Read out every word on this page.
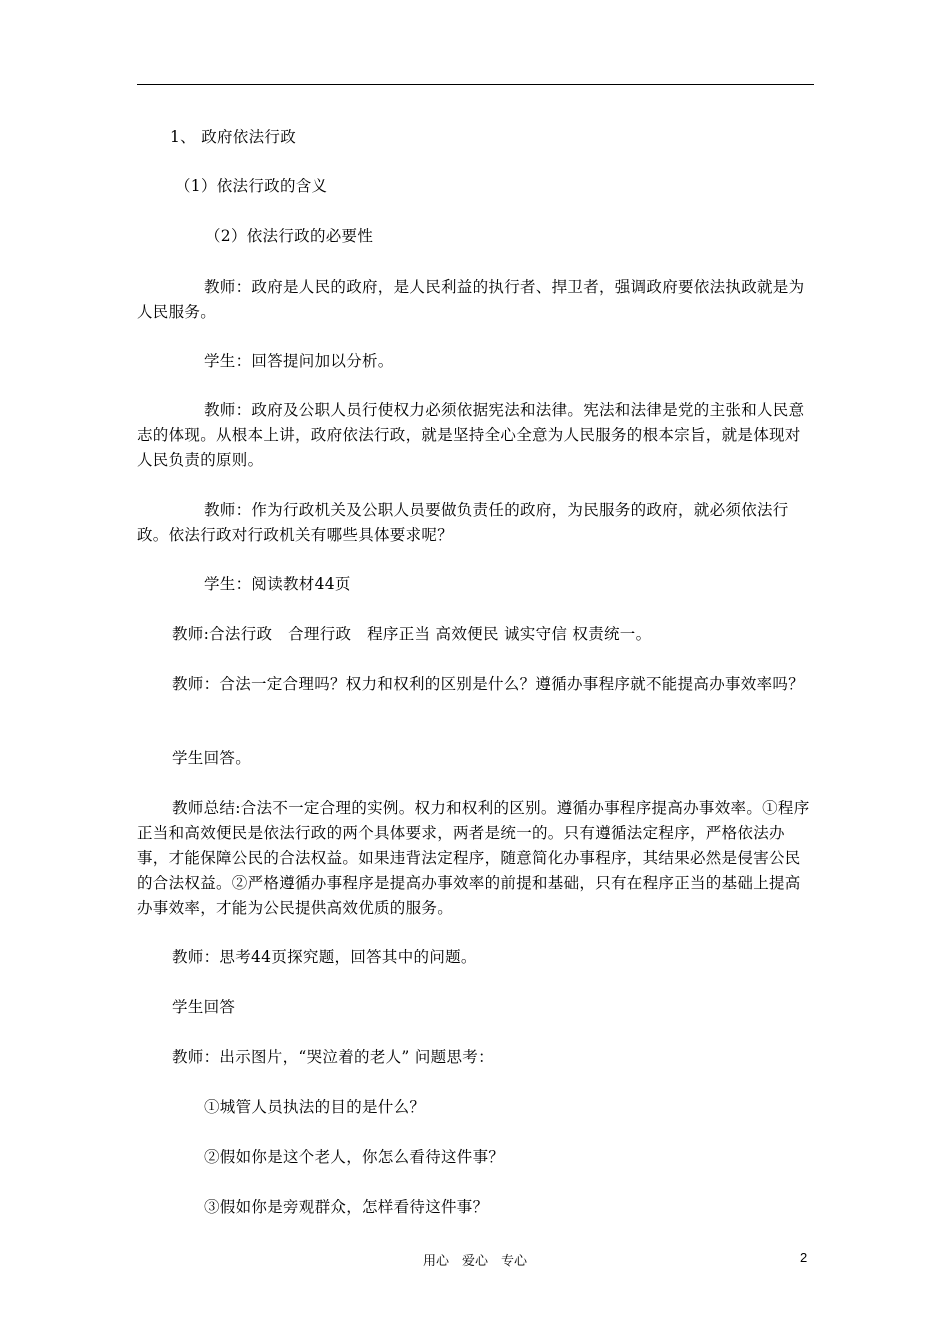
1、 政府依法行政

（1）依法行政的含义

（2）依法行政的必要性

教师：政府是人民的政府，是人民利益的执行者、捍卫者，强调政府要依法执政就是为人民服务。

学生：回答提问加以分析。

教师：政府及公职人员行使权力必须依据宪法和法律。宪法和法律是党的主张和人民意志的体现。从根本上讲，政府依法行政，就是坚持全心全意为人民服务的根本宗旨，就是体现对人民负责的原则。

教师：作为行政机关及公职人员要做负责任的政府，为民服务的政府，就必须依法行政。依法行政对行政机关有哪些具体要求呢？

学生：阅读教材44页

教师:合法行政　合理行政　程序正当 高效便民 诚实守信 权责统一。

教师：合法一定合理吗？权力和权利的区别是什么？遵循办事程序就不能提高办事效率吗？

学生回答。

教师总结:合法不一定合理的实例。权力和权利的区别。遵循办事程序提高办事效率。①程序正当和高效便民是依法行政的两个具体要求，两者是统一的。只有遵循法定程序，严格依法办事，才能保障公民的合法权益。如果违背法定程序，随意简化办事程序，其结果必然是侵害公民的合法权益。②严格遵循办事程序是提高办事效率的前提和基础，只有在程序正当的基础上提高办事效率，才能为公民提供高效优质的服务。

教师：思考44页探究题，回答其中的问题。

学生回答

教师：出示图片，“哭泣着的老人” 问题思考：

①城管人员执法的目的是什么？

②假如你是这个老人，你怎么看待这件事？

③假如你是旁观群众，怎样看待这件事？

用心　爱心　专心	2
